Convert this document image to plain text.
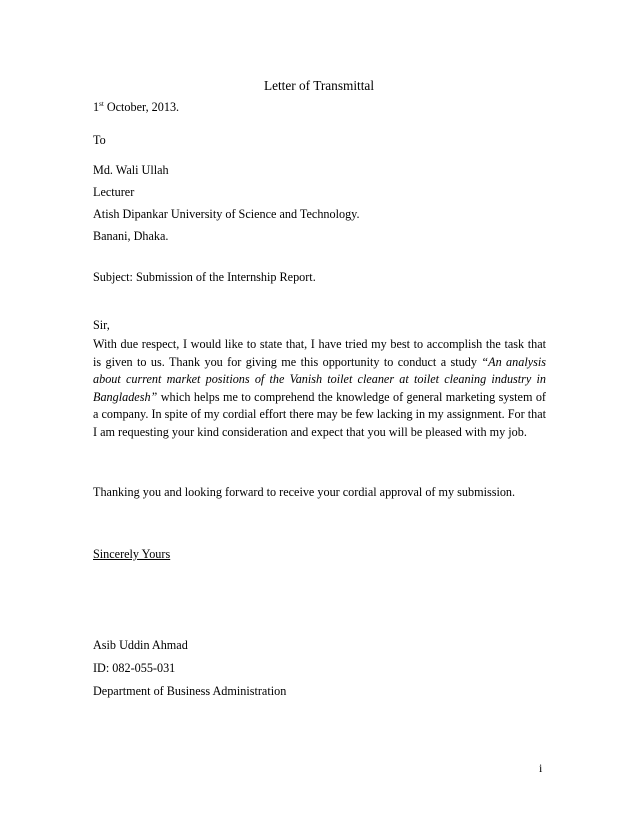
Letter of Transmittal
1st October, 2013.
To
Md. Wali Ullah
Lecturer
Atish Dipankar University of Science and Technology.
Banani, Dhaka.
Subject: Submission of the Internship Report.
Sir,
With due respect, I would like to state that, I have tried my best to accomplish the task that is given to us. Thank you for giving me this opportunity to conduct a study “An analysis about current market positions of the Vanish toilet cleaner at toilet cleaning industry in Bangladesh” which helps me to comprehend the knowledge of general marketing system of a company. In spite of my cordial effort there may be few lacking in my assignment. For that I am requesting your kind consideration and expect that you will be pleased with my job.
Thanking you and looking forward to receive your cordial approval of my submission.
Sincerely Yours
Asib Uddin Ahmad
ID: 082-055-031
Department of Business Administration
i
